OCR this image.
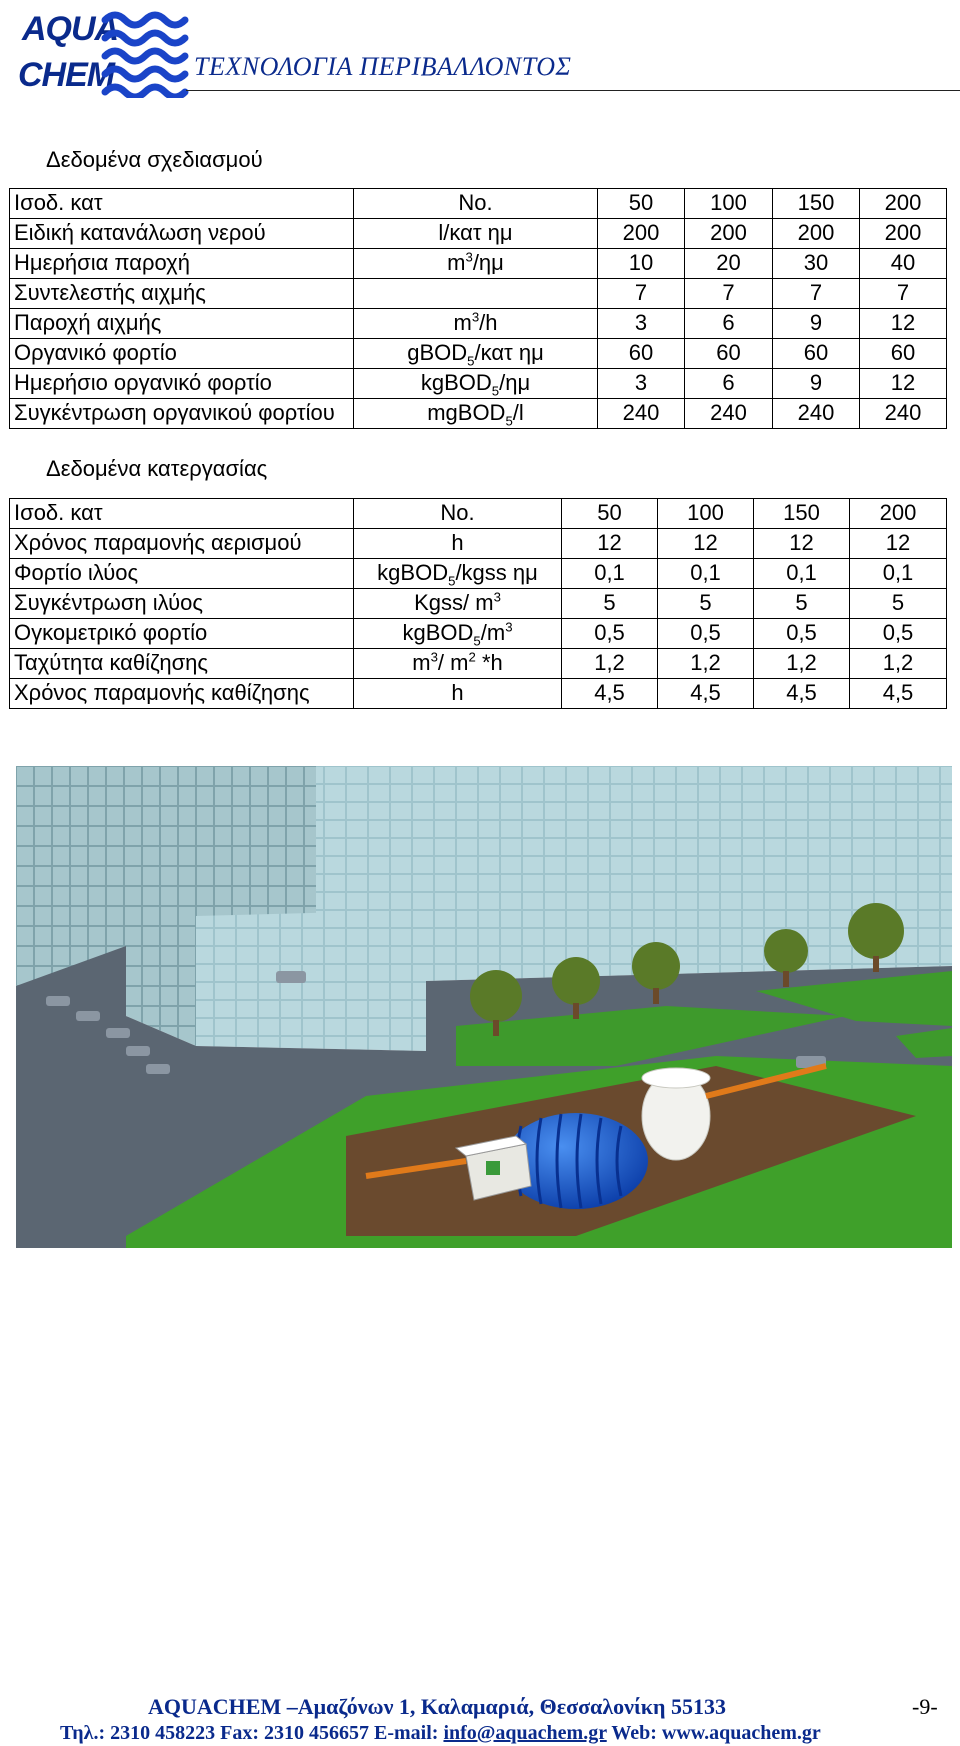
AQUA
CHEM	ΤΕΧΝΟΛΟΓΙΑ ΠΕΡΙΒΑΛΛΟΝΤΟΣ
Δεδομένα σχεδιασμού
Ισοδ. κατ	No.	50	100	150	200
Ειδική κατανάλωση νερού	l/κατ ημ	200	200	200	200
Ημερήσια παροχή	$m^3/\eta\mu$	10	20	30	40
Συντελεστής αιχμής		7	7	7	7
Παροχή αιχμής	$m^3/h$	3	6	9	12
Οργανικό φορτίο	gBOD$_5$/κατ ημ	60	60	60	60
Ημερήσιο οργανικό φορτίο	kgBOD$_5$/ημ	3	6	9	12
Συγκέντρωση οργανικού φορτίου	mgBOD$_5$/l	240	240	240	240
Δεδομένα κατεργασίας
Ισοδ. κατ	No.	50	100	150	200
Χρόνος παραμονής αερισμού	h	12	12	12	12
Φορτίο ιλύος	kgBOD$_5$/kgss ημ	0,1	0,1	0,1	0,1
Συγκέντρωση ιλύος	Kgss/ $m^3$	5	5	5	5
Ογκομετρικό φορτίο	$kgBOD_5/m^3$	0,5	0,5	0,5	0,5
Ταχύτητα καθίζησης	$m^3/$ $m^2$ *h	1,2	1,2	1,2	1,2
Χρόνος παραμονής καθίζησης	h	4,5	4,5	4,5	4,5
AQUACHEM –Αμαζόνων 1, Καλαμαριά, Θεσσαλονίκη 55133	-9-
Τηλ.: 2310 458223 Fax: 2310 456657 E-mail: info@aquachem.gr Web: www.aquachem.gr
